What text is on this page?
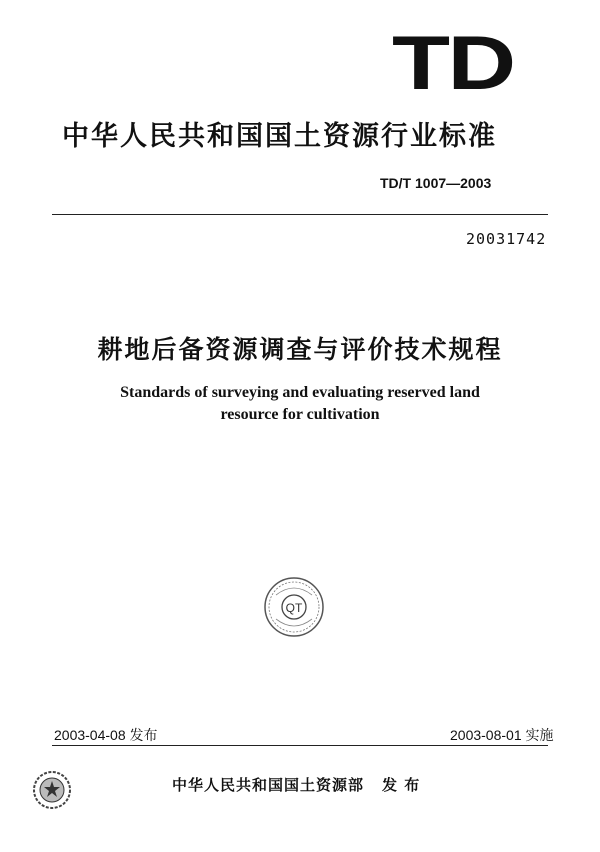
TD
中华人民共和国国土资源行业标准
TD/T 1007—2003
20031742
耕地后备资源调查与评价技术规程
Standards of surveying and evaluating reserved land
resource for cultivation
QT
2003-04-08 发布	2003-08-01 实施
中华人民共和国国土资源部 发 布
